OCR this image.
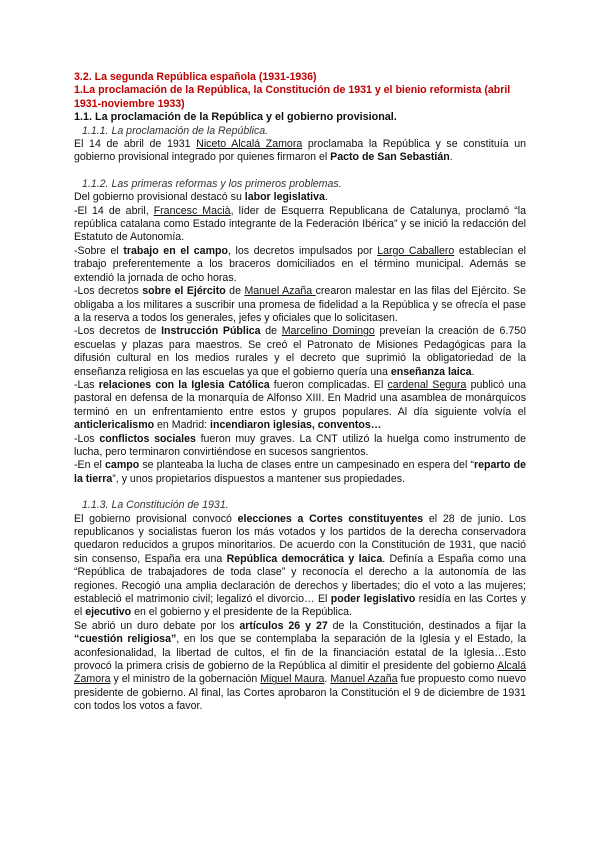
3.2. La segunda República española (1931-1936)
1.La proclamación de la República, la Constitución de 1931 y el bienio reformista (abril 1931-noviembre 1933)
1.1. La proclamación de la República y el gobierno provisional.
1.1.1. La proclamación de la República.

El 14 de abril de 1931 Niceto Alcalá Zamora proclamaba la República y se constituía un gobierno provisional integrado por quienes firmaron el Pacto de San Sebastián.

1.1.2. Las primeras reformas y los primeros problemas.

Del gobierno provisional destacó su labor legislativa.

-El 14 de abril, Francesc Macià, líder de Esquerra Republicana de Catalunya, proclamó “la república catalana como Estado integrante de la Federación Ibérica” y se inició la redacción del Estatuto de Autonomía.

-Sobre el trabajo en el campo, los decretos impulsados por Largo Caballero establecían el trabajo preferentemente a los braceros domiciliados en el término municipal. Además se extendió la jornada de ocho horas.

-Los decretos sobre el Ejército de Manuel Azaña crearon malestar en las filas del Ejército. Se obligaba a los militares a suscribir una promesa de fidelidad a la República y se ofrecía el pase a la reserva a todos los generales, jefes y oficiales que lo solicitasen.

-Los decretos de Instrucción Pública de Marcelino Domingo preveían la creación de 6.750 escuelas y plazas para maestros. Se creó el Patronato de Misiones Pedagógicas para la difusión cultural en los medios rurales y el decreto que suprimió la obligatoriedad de la enseñanza religiosa en las escuelas ya que el gobierno quería una enseñanza laica.

-Las relaciones con la Iglesia Católica fueron complicadas. El cardenal Segura publicó una pastoral en defensa de la monarquía de Alfonso XIII. En Madrid una asamblea de monárquicos terminó en un enfrentamiento entre estos y grupos populares. Al día siguiente volvía el anticlericalismo en Madrid: incendiaron iglesias, conventos…

-Los conflictos sociales fueron muy graves. La CNT utilizó la huelga como instrumento de lucha, pero terminaron convirtiéndose en sucesos sangrientos.

-En el campo se planteaba la lucha de clases entre un campesinado en espera del “reparto de la tierra”, y unos propietarios dispuestos a mantener sus propiedades.

1.1.3. La Constitución de 1931.

El gobierno provisional convocó elecciones a Cortes constituyentes el 28 de junio. Los republicanos y socialistas fueron los más votados y los partidos de la derecha conservadora quedaron reducidos a grupos minoritarios. De acuerdo con la Constitución de 1931, que nació sin consenso, España era una República democrática y laica. Definía a España como una “República de trabajadores de toda clase” y reconocía el derecho a la autonomía de las regiones. Recogió una amplia declaración de derechos y libertades; dio el voto a las mujeres; estableció el matrimonio civil; legalizó el divorcio… El poder legislativo residía en las Cortes y el ejecutivo en el gobierno y el presidente de la República.

Se abrió un duro debate por los artículos 26 y 27 de la Constitución, destinados a fijar la “cuestión religiosa”, en los que se contemplaba la separación de la Iglesia y el Estado, la aconfesionalidad, la libertad de cultos, el fin de la financiación estatal de la Iglesia…Esto provocó la primera crisis de gobierno de la República al dimitir el presidente del gobierno Alcalá Zamora y el ministro de la gobernación Miguel Maura. Manuel Azaña fue propuesto como nuevo presidente de gobierno. Al final, las Cortes aprobaron la Constitución el 9 de diciembre de 1931 con todos los votos a favor.
